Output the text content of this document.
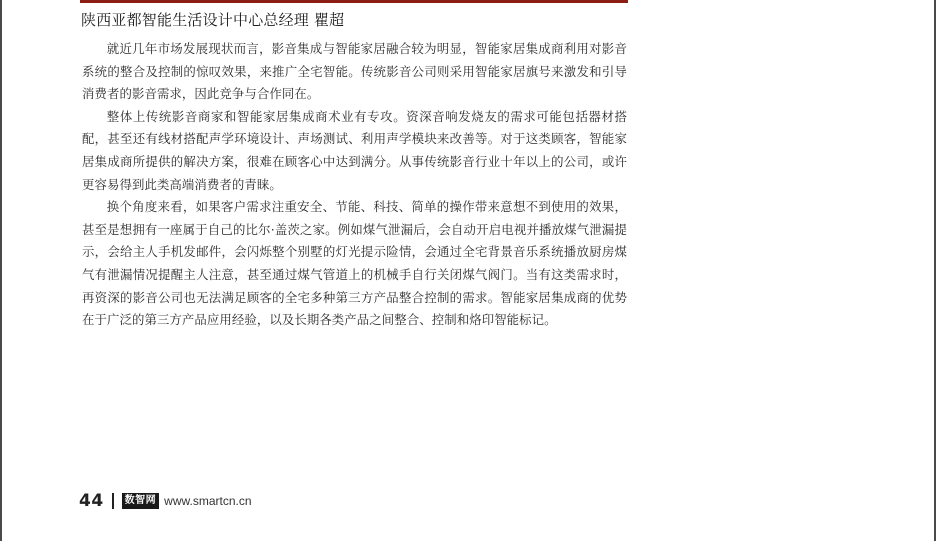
陕西亚都智能生活设计中心总经理 瞿超

就近几年市场发展现状而言，影音集成与智能家居融合较为明显，智能家居集成商利用对影音系统的整合及控制的惊叹效果，来推广全宅智能。传统影音公司则采用智能家居旗号来激发和引导消费者的影音需求，因此竞争与合作同在。

整体上传统影音商家和智能家居集成商术业有专攻。资深音响发烧友的需求可能包括器材搭配，甚至还有线材搭配声学环境设计、声场测试、利用声学模块来改善等。对于这类顾客，智能家居集成商所提供的解决方案，很难在顾客心中达到满分。从事传统影音行业十年以上的公司，或许更容易得到此类高端消费者的青睐。

换个角度来看，如果客户需求注重安全、节能、科技、简单的操作带来意想不到使用的效果，甚至是想拥有一座属于自己的比尔·盖茨之家。例如煤气泄漏后，会自动开启电视并播放煤气泄漏提示，会给主人手机发邮件，会闪烁整个别墅的灯光提示险情，会通过全宅背景音乐系统播放厨房煤气有泄漏情况提醒主人注意，甚至通过煤气管道上的机械手自行关闭煤气阀门。当有这类需求时，再资深的影音公司也无法满足顾客的全宅多种第三方产品整合控制的需求。智能家居集成商的优势在于广泛的第三方产品应用经验，以及长期各类产品之间整合、控制和烙印智能标记。

44	数智网 www.smartcn.cn
